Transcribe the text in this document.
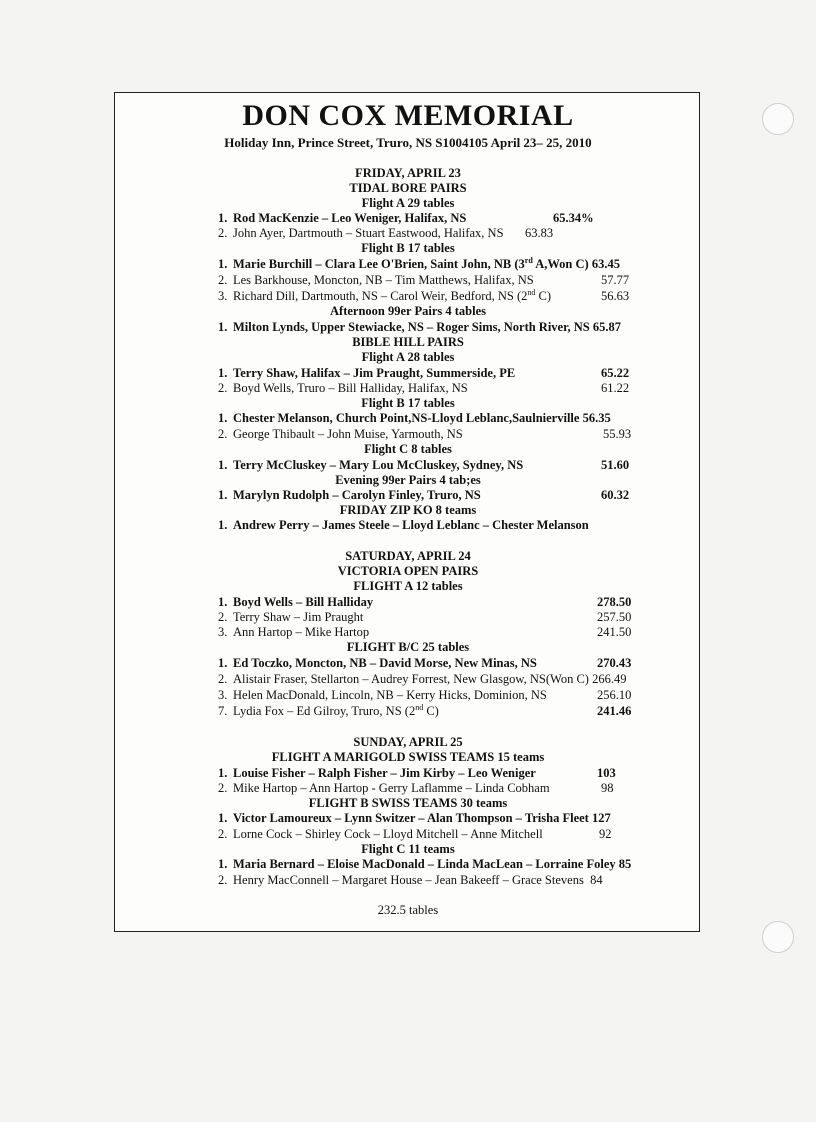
DON COX MEMORIAL
Holiday Inn, Prince Street, Truro, NS S1004105 April 23– 25, 2010
FRIDAY, APRIL 23
TIDAL BORE PAIRS
Flight A 29 tables
1. Rod MacKenzie – Leo Weniger, Halifax, NS	65.34%
2. John Ayer, Dartmouth – Stuart Eastwood, Halifax, NS 63.83
Flight B 17 tables
1. Marie Burchill – Clara Lee O'Brien, Saint John, NB (3rd A,Won C) 63.45
2. Les Barkhouse, Moncton, NB – Tim Matthews, Halifax, NS	57.77
3. Richard Dill, Dartmouth, NS – Carol Weir, Bedford, NS (2nd C)	56.63
Afternoon 99er Pairs 4 tables
1. Milton Lynds, Upper Stewiacke, NS – Roger Sims, North River, NS 65.87
BIBLE HILL PAIRS
Flight A 28 tables
1. Terry Shaw, Halifax – Jim Praught, Summerside, PE	65.22
2. Boyd Wells, Truro – Bill Halliday, Halifax, NS	61.22
Flight B 17 tables
1. Chester Melanson, Church Point,NS-Lloyd Leblanc,Saulnierville 56.35
2. George Thibault – John Muise, Yarmouth, NS	55.93
Flight C 8 tables
1. Terry McCluskey – Mary Lou McCluskey, Sydney, NS	51.60
Evening 99er Pairs 4 tab;es
1. Marylyn Rudolph – Carolyn Finley, Truro, NS	60.32
FRIDAY ZIP KO 8 teams
1. Andrew Perry – James Steele – Lloyd Leblanc – Chester Melanson
SATURDAY, APRIL 24
VICTORIA OPEN PAIRS
FLIGHT A 12 tables
1. Boyd Wells – Bill Halliday	278.50
2. Terry Shaw – Jim Praught	257.50
3. Ann Hartop – Mike Hartop	241.50
FLIGHT B/C 25 tables
1. Ed Toczko, Moncton, NB – David Morse, New Minas, NS	270.43
2. Alistair Fraser, Stellarton – Audrey Forrest, New Glasgow, NS(Won C) 266.49
3. Helen MacDonald, Lincoln, NB – Kerry Hicks, Dominion, NS	256.10
7. Lydia Fox – Ed Gilroy, Truro, NS (2nd C)	241.46
SUNDAY, APRIL 25
FLIGHT A MARIGOLD SWISS TEAMS 15 teams
1. Louise Fisher – Ralph Fisher – Jim Kirby – Leo Weniger	103
2. Mike Hartop – Ann Hartop - Gerry Laflamme – Linda Cobham	98
FLIGHT B SWISS TEAMS 30 teams
1. Victor Lamoureux – Lynn Switzer – Alan Thompson – Trisha Fleet 127
2. Lorne Cock – Shirley Cock – Lloyd Mitchell – Anne Mitchell	92
Flight C 11 teams
1. Maria Bernard – Eloise MacDonald – Linda MacLean – Lorraine Foley 85
2. Henry MacConnell – Margaret House – Jean Bakeeff – Grace Stevens 84
232.5 tables
